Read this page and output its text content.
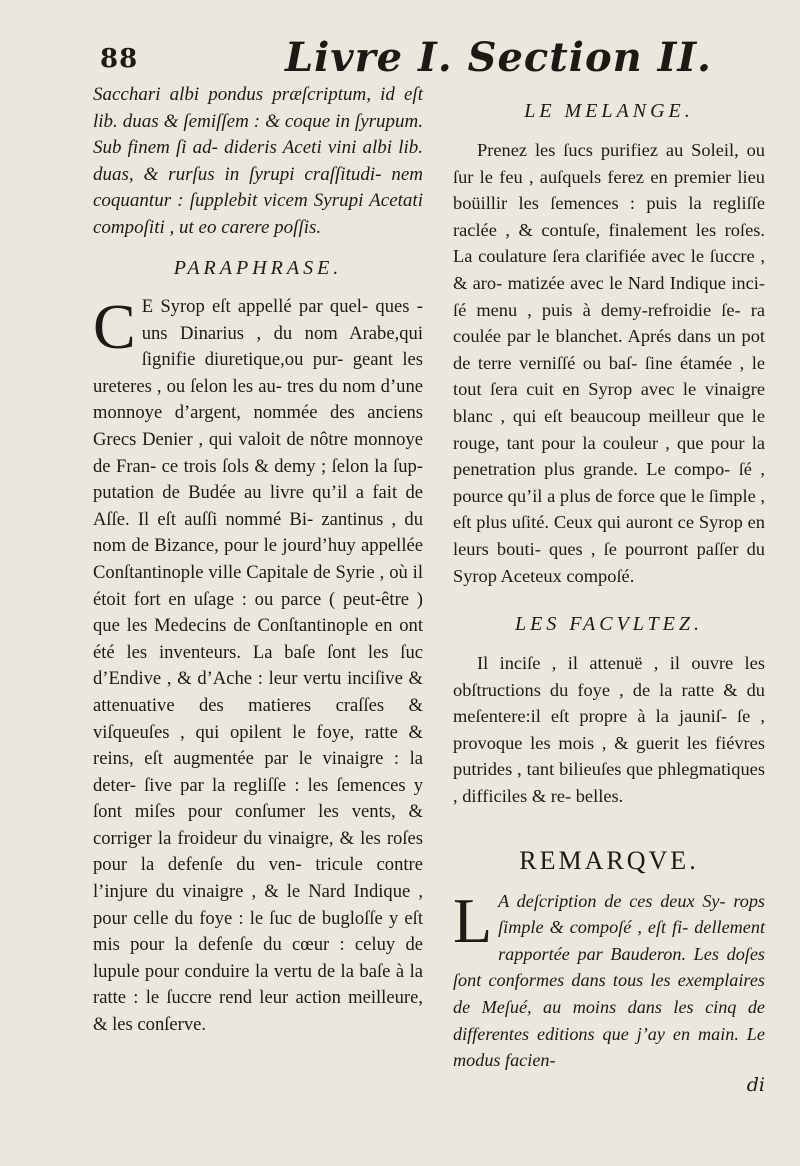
88	Livre I. Section II.

Sacchari albi pondus præſcriptum, id eſt lib. duas & ſemiſſem : & coque in ſyrupum. Sub finem ſi ad- dideris Aceti vini albi lib. duas, & rurſus in ſyrupi craſſitudi- nem coquantur : ſupplebit vicem Syrupi Acetati compoſiti , ut eo carere poſſis.

PARAPHRASE.

C E Syrop eſt appellé par quel- ques - uns Dinarius , du nom Arabe,qui ſignifie diuretique,ou pur- geant les ureteres , ou ſelon les au- tres du nom d’une monnoye d’argent, nommée des anciens Grecs Denier , qui valoit de nôtre monnoye de Fran- ce trois ſols & demy ; ſelon la ſup- putation de Budée au livre qu’il a fait de Aſſe. Il eſt auſſi nommé Bi- zantinus , du nom de Bizance, pour le jourd’huy appellée Conſtantinople ville Capitale de Syrie , où il étoit fort en uſage : ou parce ( peut-être ) que les Medecins de Conſtantinople en ont été les inventeurs. La baſe ſont les ſuc d’Endive , & d’Ache : leur vertu inciſive & attenuative des matieres craſſes & viſqueuſes , qui opilent le foye, ratte & reins, eſt augmentée par le vinaigre : la deter- ſive par la regliſſe : les ſemences y ſont miſes pour conſumer les vents, & corriger la froideur du vinaigre, & les roſes pour la defenſe du ven- tricule contre l’injure du vinaigre , & le Nard Indique , pour celle du foye : le ſuc de bugloſſe y eſt mis pour la defenſe du cœur : celuy de lupule pour conduire la vertu de la baſe à la ratte : le ſuccre rend leur action meilleure, & les conſerve.

LE MELANGE.

Prenez les ſucs purifiez au Soleil, ou ſur le feu , auſquels ferez en premier lieu boüillir les ſemences : puis la regliſſe raclée , & contuſe, finalement les roſes. La coulature ſera clarifiée avec le ſuccre , & aro- matizée avec le Nard Indique inci- ſé menu , puis à demy-refroidie ſe- ra coulée par le blanchet. Aprés dans un pot de terre verniſſé ou baſ- ſine étamée , le tout ſera cuit en Syrop avec le vinaigre blanc , qui eſt beaucoup meilleur que le rouge, tant pour la couleur , que pour la penetration plus grande. Le compo- ſé , pource qu’il a plus de force que le ſimple , eſt plus uſité. Ceux qui auront ce Syrop en leurs bouti- ques , ſe pourront paſſer du Syrop Aceteux compoſé.

LES FACVLTEZ.

Il inciſe , il attenuë , il ouvre les obſtructions du foye , de la ratte & du meſentere:il eſt propre à la jauniſ- ſe , provoque les mois , & guerit les fiévres putrides , tant bilieuſes que phlegmatiques , difficiles & re- belles.

REMARQVE.

L A deſcription de ces deux Sy- rops ſimple & compoſé , eſt fi- dellement rapportée par Bauderon. Les doſes ſont conformes dans tous les exemplaires de Meſué, au moins dans les cinq de differentes editions que j’ay en main. Le modus facien-

di
